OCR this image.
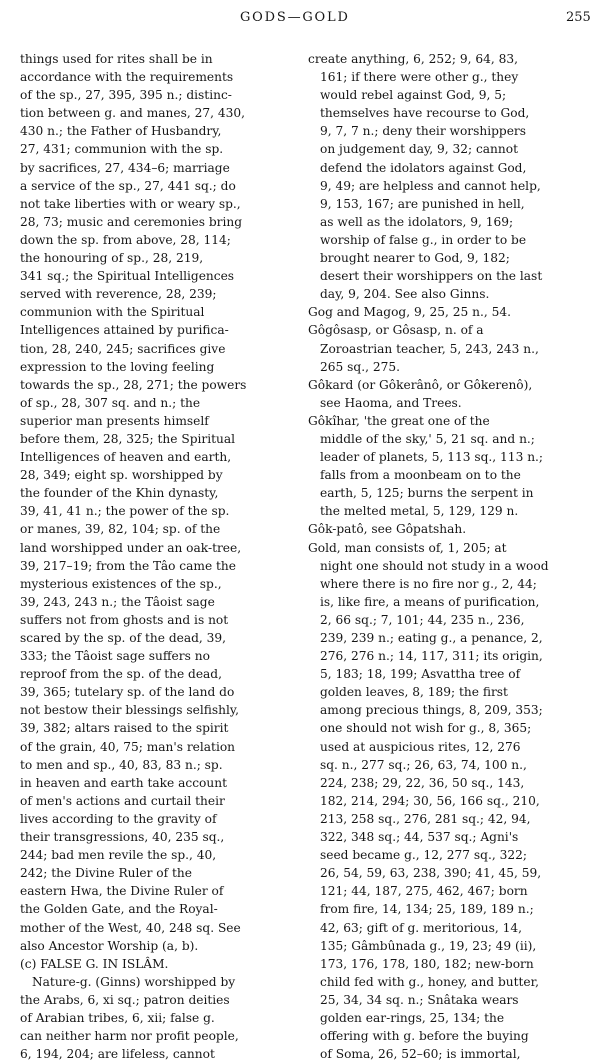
GODS—GOLD	255
things used for rites shall be in
accordance with the requirements
of the sp., 27, 395, 395 n.; distinc-
tion between g. and manes, 27, 430,
430 n.; the Father of Husbandry,
27, 431; communion with the sp.
by sacrifices, 27, 434–6; marriage
a service of the sp., 27, 441 sq.; do
not take liberties with or weary sp.,
28, 73; music and ceremonies bring
down the sp. from above, 28, 114;
the honouring of sp., 28, 219,
341 sq.; the Spiritual Intelligences
served with reverence, 28, 239;
communion with the Spiritual
Intelligences attained by purifica-
tion, 28, 240, 245; sacrifices give
expression to the loving feeling
towards the sp., 28, 271; the powers
of sp., 28, 307 sq. and n.; the
superior man presents himself
before them, 28, 325; the Spiritual
Intelligences of heaven and earth,
28, 349; eight sp. worshipped by
the founder of the Khin dynasty,
39, 41, 41 n.; the power of the sp.
or manes, 39, 82, 104; sp. of the
land worshipped under an oak-tree,
39, 217–19; from the Tâo came the
mysterious existences of the sp.,
39, 243, 243 n.; the Tâoist sage
suffers not from ghosts and is not
scared by the sp. of the dead, 39,
333; the Tâoist sage suffers no
reproof from the sp. of the dead,
39, 365; tutelary sp. of the land do
not bestow their blessings selfishly,
39, 382; altars raised to the spirit
of the grain, 40, 75; man's relation
to men and sp., 40, 83, 83 n.; sp.
in heaven and earth take account
of men's actions and curtail their
lives according to the gravity of
their transgressions, 40, 235 sq.,
244; bad men revile the sp., 40,
242; the Divine Ruler of the
eastern Hwa, the Divine Ruler of
the Golden Gate, and the Royal-
mother of the West, 40, 248 sq. See
also Ancestor Worship (a, b).
(c) FALSE G. IN ISLÂM.
Nature-g. (Ginns) worshipped by
the Arabs, 6, xi sq.; patron deities
of Arabian tribes, 6, xii; false g.
can neither harm nor profit people,
6, 194, 204; are lifeless, cannot
create anything, 6, 252; 9, 64, 83,
161; if there were other g., they
would rebel against God, 9, 5;
themselves have recourse to God,
9, 7, 7 n.; deny their worshippers
on judgement day, 9, 32; cannot
defend the idolators against God,
9, 49; are helpless and cannot help,
9, 153, 167; are punished in hell,
as well as the idolators, 9, 169;
worship of false g., in order to be
brought nearer to God, 9, 182;
desert their worshippers on the last
day, 9, 204. See also Ginns.
Gog and Magog, 9, 25, 25 n., 54.
Gôgôsasp, or Gôsasp, n. of a
Zoroastrian teacher, 5, 243, 243 n.,
265 sq., 275.
Gôkard (or Gôkerânô, or Gôkerenô),
see Haoma, and Trees.
Gôkîhar, 'the great one of the
middle of the sky,' 5, 21 sq. and n.;
leader of planets, 5, 113 sq., 113 n.;
falls from a moonbeam on to the
earth, 5, 125; burns the serpent in
the melted metal, 5, 129, 129 n.
Gôk-patô, see Gôpatshah.
Gold, man consists of, 1, 205; at
night one should not study in a wood
where there is no fire nor g., 2, 44;
is, like fire, a means of purification,
2, 66 sq.; 7, 101; 44, 235 n., 236,
239, 239 n.; eating g., a penance, 2,
276, 276 n.; 14, 117, 311; its origin,
5, 183; 18, 199; Asvattha tree of
golden leaves, 8, 189; the first
among precious things, 8, 209, 353;
one should not wish for g., 8, 365;
used at auspicious rites, 12, 276
sq. n., 277 sq.; 26, 63, 74, 100 n.,
224, 238; 29, 22, 36, 50 sq., 143,
182, 214, 294; 30, 56, 166 sq., 210,
213, 258 sq., 276, 281 sq.; 42, 94,
322, 348 sq.; 44, 537 sq.; Agni's
seed became g., 12, 277 sq., 322;
26, 54, 59, 63, 238, 390; 41, 45, 59,
121; 44, 187, 275, 462, 467; born
from fire, 14, 134; 25, 189, 189 n.;
42, 63; gift of g. meritorious, 14,
135; Gâmbûnada g., 19, 23; 49 (ii),
173, 176, 178, 180, 182; new-born
child fed with g., honey, and butter,
25, 34, 34 sq. n.; Snâtaka wears
golden ear-rings, 25, 134; the
offering with g. before the buying
of Soma, 26, 52–60; is immortal,
